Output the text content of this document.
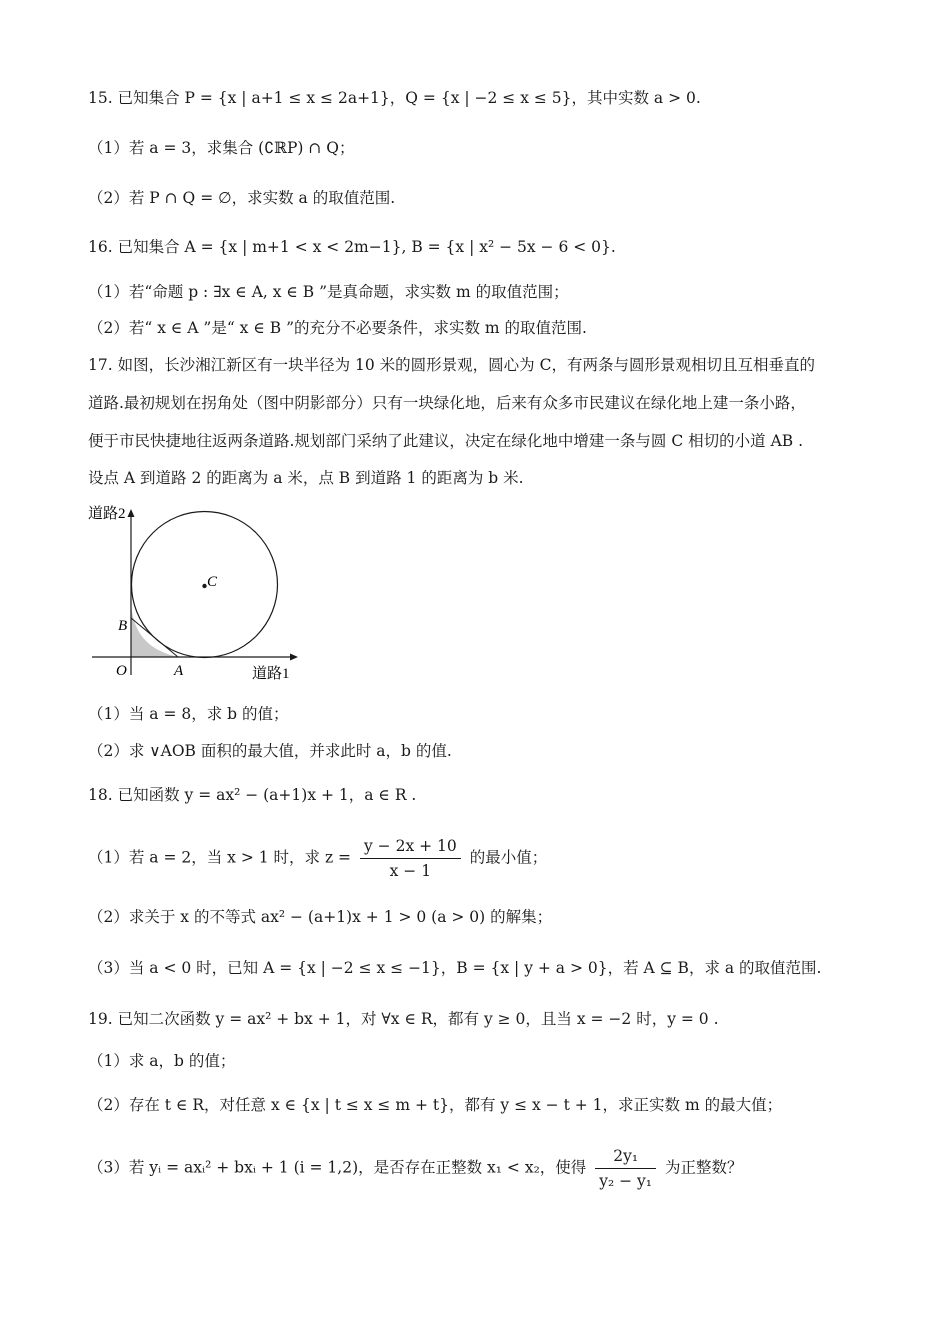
15. 已知集合 P = {x | a+1 ≤ x ≤ 2a+1}，Q = {x | −2 ≤ x ≤ 5}，其中实数 a > 0.
（1）若 a = 3，求集合 (∁ℝP) ∩ Q；
（2）若 P ∩ Q = ∅，求实数 a 的取值范围.
16. 已知集合 A = {x | m+1 < x < 2m−1}, B = {x | x² − 5x − 6 < 0}.
（1）若“命题 p : ∃x ∈ A, x ∈ B ”是真命题，求实数 m 的取值范围；
（2）若“ x ∈ A ”是“ x ∈ B ”的充分不必要条件，求实数 m 的取值范围.
17. 如图，长沙湘江新区有一块半径为 10 米的圆形景观，圆心为 C，有两条与圆形景观相切且互相垂直的
道路.最初规划在拐角处（图中阴影部分）只有一块绿化地，后来有众多市民建议在绿化地上建一条小路，
便于市民快捷地往返两条道路.规划部门采纳了此建议，决定在绿化地中增建一条与圆 C 相切的小道 AB .
设点 A 到道路 2 的距离为 a 米，点 B 到道路 1 的距离为 b 米.
道路2
道路1
C
B
O	A
（1）当 a = 8，求 b 的值；
（2）求 ∨AOB 面积的最大值，并求此时 a，b 的值.
18. 已知函数 y = ax² − (a+1)x + 1，a ∈ R .
（1）若 a = 2，当 x > 1 时，求 $z = \frac{y - 2x + 10}{x - 1}$ 的最小值；
（2）求关于 x 的不等式 ax² − (a+1)x + 1 > 0 (a > 0) 的解集；
（3）当 a < 0 时，已知 A = {x | −2 ≤ x ≤ −1}，B = {x | y + a > 0}，若 A ⊆ B，求 a 的取值范围.
19. 已知二次函数 y = ax² + bx + 1，对 ∀x ∈ R，都有 y ≥ 0，且当 x = −2 时，y = 0 .
（1）求 a，b 的值；
（2）存在 t ∈ R，对任意 x ∈ {x | t ≤ x ≤ m + t}，都有 y ≤ x − t + 1，求正实数 m 的最大值；
（3）若 yᵢ = axᵢ² + bxᵢ + 1 (i = 1,2)，是否存在正整数 x₁ < x₂，使得 $\frac{\text{2y₁}}{\text{y₂ − y₁}}$ 为正整数？
